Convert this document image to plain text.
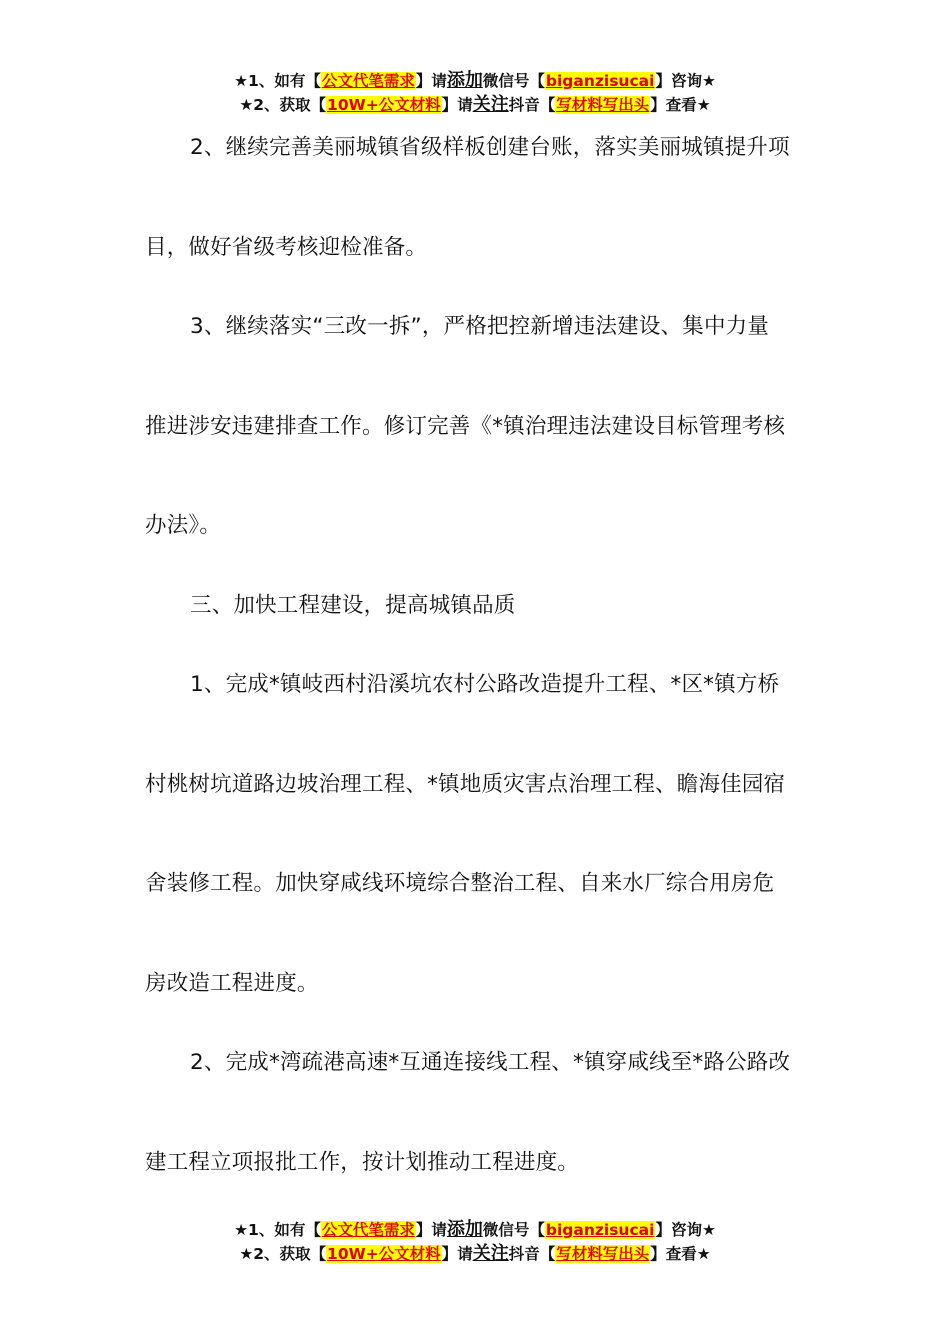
★1、如有【公文代笔需求】请添加微信号【biganzisucai】咨询★
★2、获取【10W+公文材料】请关注抖音【写材料写出头】查看★
2、继续完善美丽城镇省级样板创建台账，落实美丽城镇提升项
目，做好省级考核迎检准备。
3、继续落实“三改一拆”，严格把控新增违法建设、集中力量
推进涉安违建排查工作。修订完善《*镇治理违法建设目标管理考核
办法》。
三、加快工程建设，提高城镇品质
1、完成*镇岐西村沿溪坑农村公路改造提升工程、*区*镇方桥
村桃树坑道路边坡治理工程、*镇地质灾害点治理工程、瞻海佳园宿
舍装修工程。加快穿咸线环境综合整治工程、自来水厂综合用房危
房改造工程进度。
2、完成*湾疏港高速*互通连接线工程、*镇穿咸线至*路公路改
建工程立项报批工作，按计划推动工程进度。
★1、如有【公文代笔需求】请添加微信号【biganzisucai】咨询★
★2、获取【10W+公文材料】请关注抖音【写材料写出头】查看★
